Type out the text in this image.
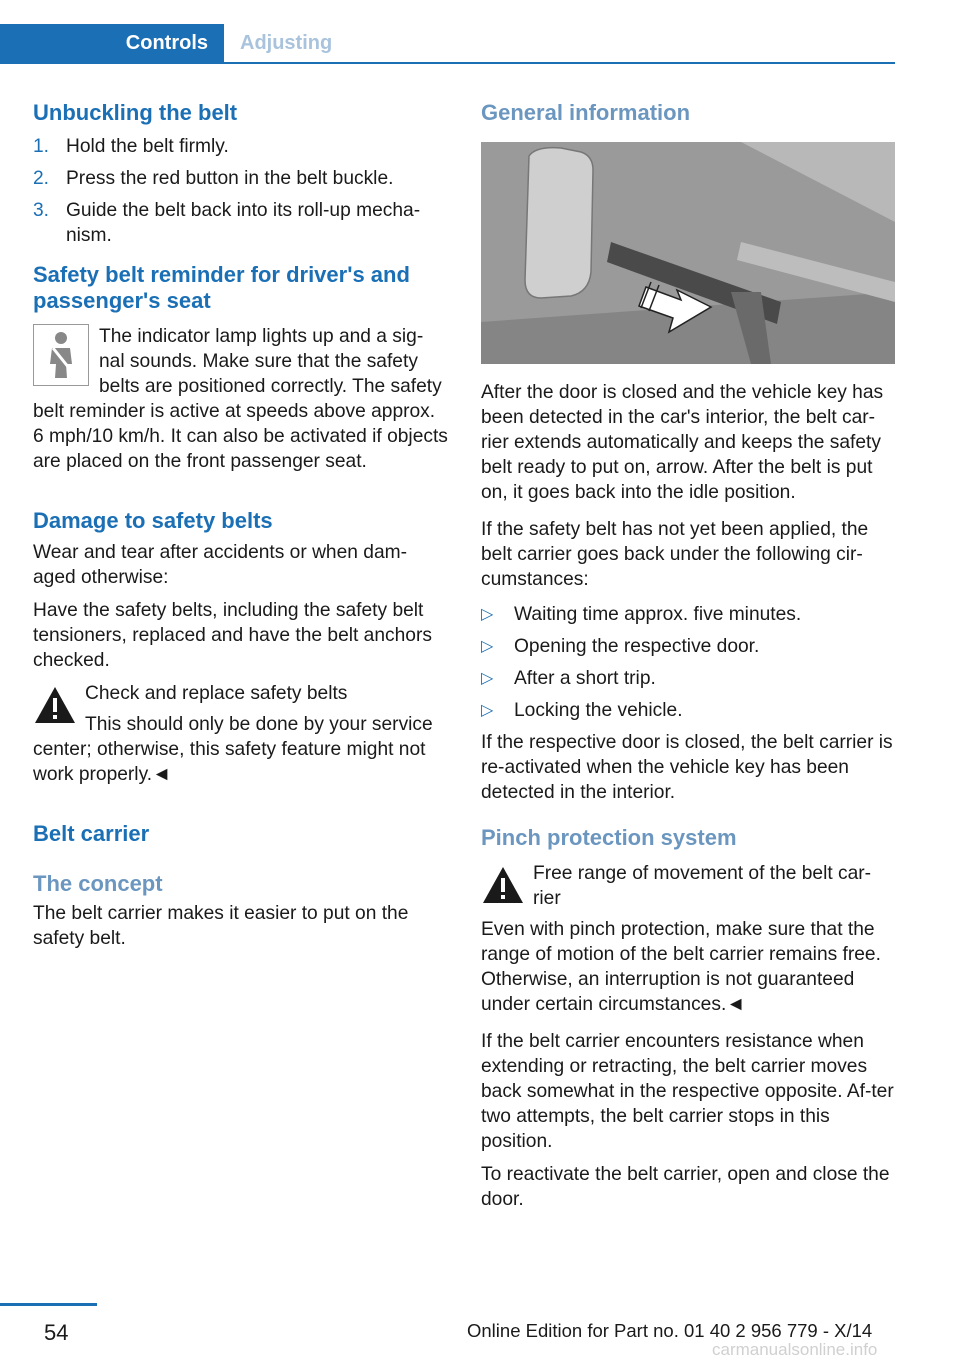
Controls	Adjusting
Unbuckling the belt
1. Hold the belt firmly.
2. Press the red button in the belt buckle.
3. Guide the belt back into its roll-up mecha-nism.
Safety belt reminder for driver's and passenger's seat

The indicator lamp lights up and a sig-nal sounds. Make sure that the safety belts are positioned correctly. The safety belt reminder is active at speeds above approx. 6 mph/10 km/h. It can also be activated if objects are placed on the front passenger seat.

Damage to safety belts

Wear and tear after accidents or when dam-aged otherwise:

Have the safety belts, including the safety belt tensioners, replaced and have the belt anchors checked.

Check and replace safety belts

This should only be done by your service center; otherwise, this safety feature might not work properly.◄

Belt carrier
The concept

The belt carrier makes it easier to put on the safety belt.

General information

After the door is closed and the vehicle key has been detected in the car's interior, the belt car-rier extends automatically and keeps the safety belt ready to put on, arrow. After the belt is put on, it goes back into the idle position.

If the safety belt has not yet been applied, the belt carrier goes back under the following cir-cumstances:

▷ Waiting time approx. five minutes.
▷ Opening the respective door.
▷ After a short trip.
▷ Locking the vehicle.

If the respective door is closed, the belt carrier is re-activated when the vehicle key has been detected in the interior.

Pinch protection system

Free range of movement of the belt car-rier

Even with pinch protection, make sure that the range of motion of the belt carrier remains free. Otherwise, an interruption is not guaranteed under certain circumstances.◄

If the belt carrier encounters resistance when extending or retracting, the belt carrier moves back somewhat in the respective opposite. Af-ter two attempts, the belt carrier stops in this position.

To reactivate the belt carrier, open and close the door.

54	Online Edition for Part no. 01 40 2 956 779 - X/14
carmanualsonline.info
